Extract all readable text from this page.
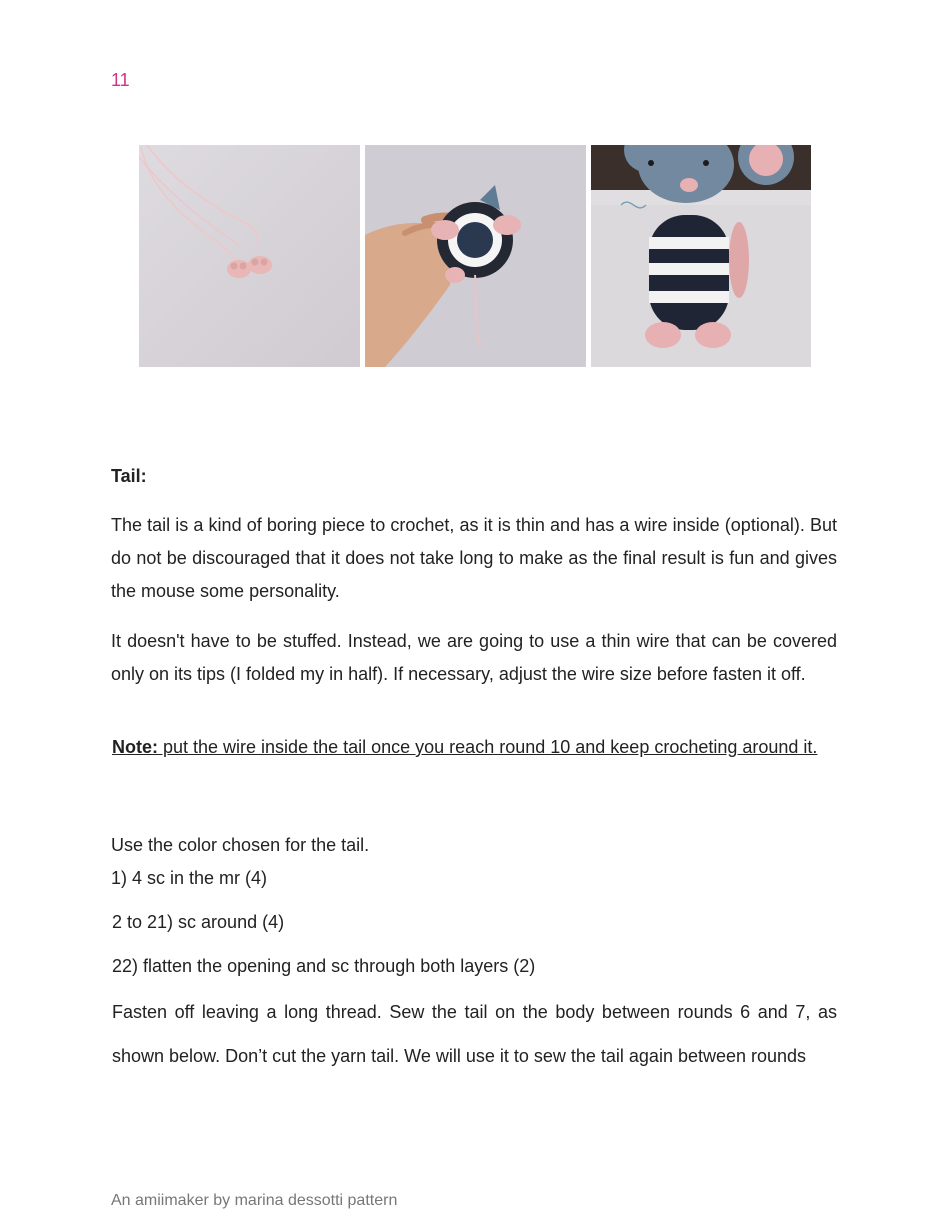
11
Tail:
The tail is a kind of boring piece to crochet, as it is thin and has a wire inside (optional). But do not be discouraged that it does not take long to make as the final result is fun and gives the mouse some personality.
It doesn't have to be stuffed. Instead, we are going to use a thin wire that can be covered only on its tips (I folded my in half). If necessary, adjust the wire size before fasten it off.
Note: put the wire inside the tail once you reach round 10 and keep crocheting around it.
Use the color chosen for the tail.
1) 4 sc in the mr (4)
2 to 21) sc around (4)
22) flatten the opening and sc through both layers (2)
Fasten off leaving a long thread. Sew the tail on the body between rounds 6 and 7, as shown below. Don’t cut the yarn tail. We will use it to sew the tail again between rounds
An amiimaker by marina dessotti pattern
